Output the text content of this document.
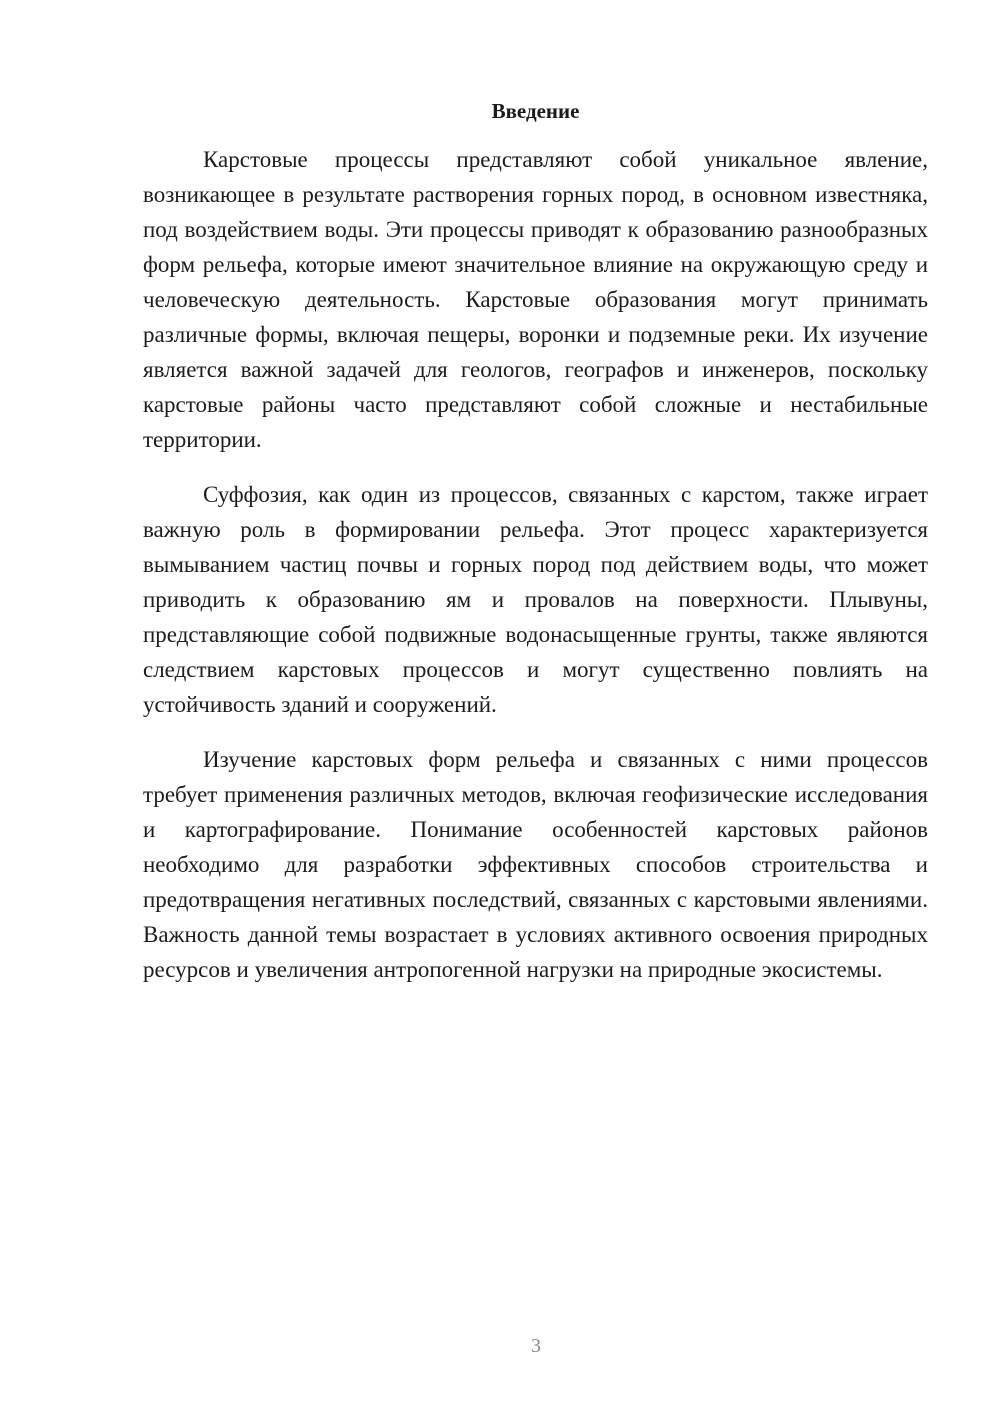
Введение

Карстовые процессы представляют собой уникальное явление, возникающее в результате растворения горных пород, в основном известняка, под воздействием воды. Эти процессы приводят к образованию разнообразных форм рельефа, которые имеют значительное влияние на окружающую среду и человеческую деятельность. Карстовые образования могут принимать различные формы, включая пещеры, воронки и подземные реки. Их изучение является важной задачей для геологов, географов и инженеров, поскольку карстовые районы часто представляют собой сложные и нестабильные территории.

Суффозия, как один из процессов, связанных с карстом, также играет важную роль в формировании рельефа. Этот процесс характеризуется вымыванием частиц почвы и горных пород под действием воды, что может приводить к образованию ям и провалов на поверхности. Плывуны, представляющие собой подвижные водонасыщенные грунты, также являются следствием карстовых процессов и могут существенно повлиять на устойчивость зданий и сооружений.

Изучение карстовых форм рельефа и связанных с ними процессов требует применения различных методов, включая геофизические исследования и картографирование. Понимание особенностей карстовых районов необходимо для разработки эффективных способов строительства и предотвращения негативных последствий, связанных с карстовыми явлениями. Важность данной темы возрастает в условиях активного освоения природных ресурсов и увеличения антропогенной нагрузки на природные экосистемы.

3
